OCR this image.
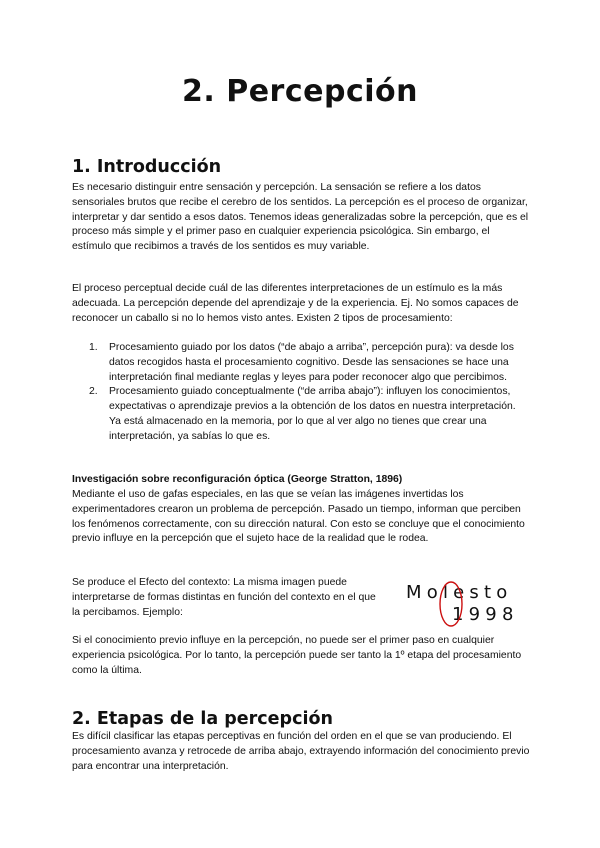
2. Percepción
1. Introducción

Es necesario distinguir entre sensación y percepción. La sensación se refiere a los datos sensoriales brutos que recibe el cerebro de los sentidos. La percepción es el proceso de organizar, interpretar y dar sentido a esos datos. Tenemos ideas generalizadas sobre la percepción, que es el proceso más simple y el primer paso en cualquier experiencia psicológica. Sin embargo, el estímulo que recibimos a través de los sentidos es muy variable.

El proceso perceptual decide cuál de las diferentes interpretaciones de un estímulo es la más adecuada. La percepción depende del aprendizaje y de la experiencia. Ej. No somos capaces de reconocer un caballo si no lo hemos visto antes. Existen 2 tipos de procesamiento:

1. Procesamiento guiado por los datos (“de abajo a arriba”, percepción pura): va desde los datos recogidos hasta el procesamiento cognitivo. Desde las sensaciones se hace una interpretación final mediante reglas y leyes para poder reconocer algo que percibimos.
2. Procesamiento guiado conceptualmente (“de arriba abajo”): influyen los conocimientos, expectativas o aprendizaje previos a la obtención de los datos en nuestra interpretación. Ya está almacenado en la memoria, por lo que al ver algo no tienes que crear una interpretación, ya sabías lo que es.

Investigación sobre reconfiguración óptica (George Stratton, 1896)

Mediante el uso de gafas especiales, en las que se veían las imágenes invertidas los experimentadores crearon un problema de percepción. Pasado un tiempo, informan que perciben los fenómenos correctamente, con su dirección natural. Con esto se concluye que el conocimiento previo influye en la percepción que el sujeto hace de la realidad que le rodea.

Se produce el Efecto del contexto: La misma imagen puede interpretarse de formas distintas en función del contexto en el que la percibamos. Ejemplo:

Molesto
1998

Si el conocimiento previo influye en la percepción, no puede ser el primer paso en cualquier experiencia psicológica. Por lo tanto, la percepción puede ser tanto la 1º etapa del procesamiento como la última.

2. Etapas de la percepción

Es difícil clasificar las etapas perceptivas en función del orden en el que se van produciendo. El procesamiento avanza y retrocede de arriba abajo, extrayendo información del conocimiento previo para encontrar una interpretación.
